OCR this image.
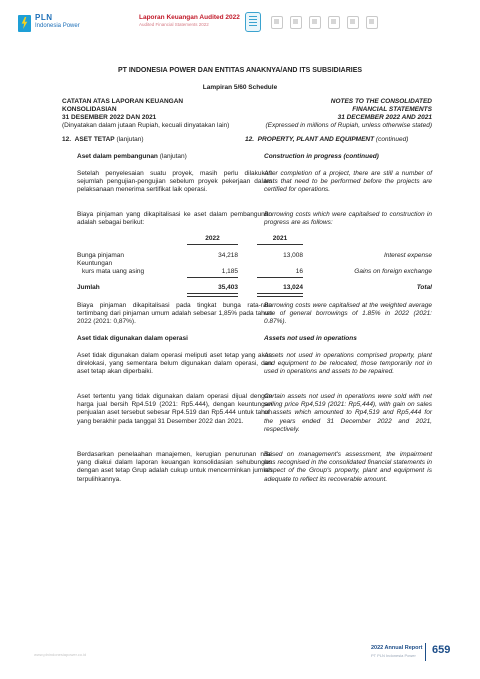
PLN
Indonesia Power
Laporan Keuangan Audited 2022
Audited Financial Statements 2022
PT INDONESIA POWER DAN ENTITAS ANAKNYA/AND ITS SUBSIDIARIES
Lampiran 5/60 Schedule
CATATAN ATAS LAPORAN KEUANGAN
KONSOLIDASIAN
31 DESEMBER 2022 DAN 2021
(Dinyatakan dalam jutaan Rupiah, kecuali dinyatakan lain)
NOTES TO THE CONSOLIDATED
FINANCIAL STATEMENTS
31 DECEMBER 2022 AND 2021
(Expressed in millions of Rupiah, unless otherwise stated)
12. ASET TETAP (lanjutan)	12. PROPERTY, PLANT AND EQUIPMENT (continued)
Aset dalam pembangunan (lanjutan)	Construction in progress (continued)
Setelah penyelesaian suatu proyek, masih perlu dilakukan sejumlah pengujian-pengujian sebelum proyek pekerjaan dalam pelaksanaan menerima sertifikat laik operasi.
After completion of a project, there are still a number of tests that need to be performed before the projects are certified for operations.
Biaya pinjaman yang dikapitalisasi ke aset dalam pembangunan adalah sebagai berikut:
Borrowing costs which were capitalised to construction in progress are as follows:
2022	2021
Bunga pinjaman	34,218	13,008	Interest expense
Keuntungan
kurs mata uang asing	1,185	16	Gains on foreign exchange
Jumlah	35,403	13,024	Total
Biaya pinjaman dikapitalisasi pada tingkat bunga rata-rata tertimbang dari pinjaman umum adalah sebesar 1,85% pada tahun 2022 (2021: 0,87%).
Borrowing costs were capitalised at the weighted average rate of general borrowings of 1.85% in 2022 (2021: 0.87%).
Aset tidak digunakan dalam operasi	Assets not used in operations
Aset tidak digunakan dalam operasi meliputi aset tetap yang akan direlokasi, yang sementara belum digunakan dalam operasi, dan aset tetap akan diperbaiki.
Assets not used in operations comprised property, plant and equipment to be relocated, those temporarily not in used in operations and assets to be repaired.
Aset tertentu yang tidak digunakan dalam operasi dijual dengan harga jual bersih Rp4.519 (2021: Rp5.444), dengan keuntungan penjualan aset tersebut sebesar Rp4.519 dan Rp5.444 untuk tahun yang berakhir pada tanggal 31 Desember 2022 dan 2021.
Certain assets not used in operations were sold with net selling price Rp4,519 (2021: Rp5,444), with gain on sales of assets which amounted to Rp4,519 and Rp5,444 for the years ended 31 December 2022 and 2021, respectively.
Berdasarkan penelaahan manajemen, kerugian penurunan nilai yang diakui dalam laporan keuangan konsolidasian sehubungan dengan aset tetap Grup adalah cukup untuk mencerminkan jumlah terpulihkannya.
Based on management's assessment, the impairment loss recognised in the consolidated financial statements in respect of the Group's property, plant and equipment is adequate to reflect its recoverable amount.
www.plnindonesiapower.co.id
2022 Annual Report
PT PLN Indonesia Power 659
